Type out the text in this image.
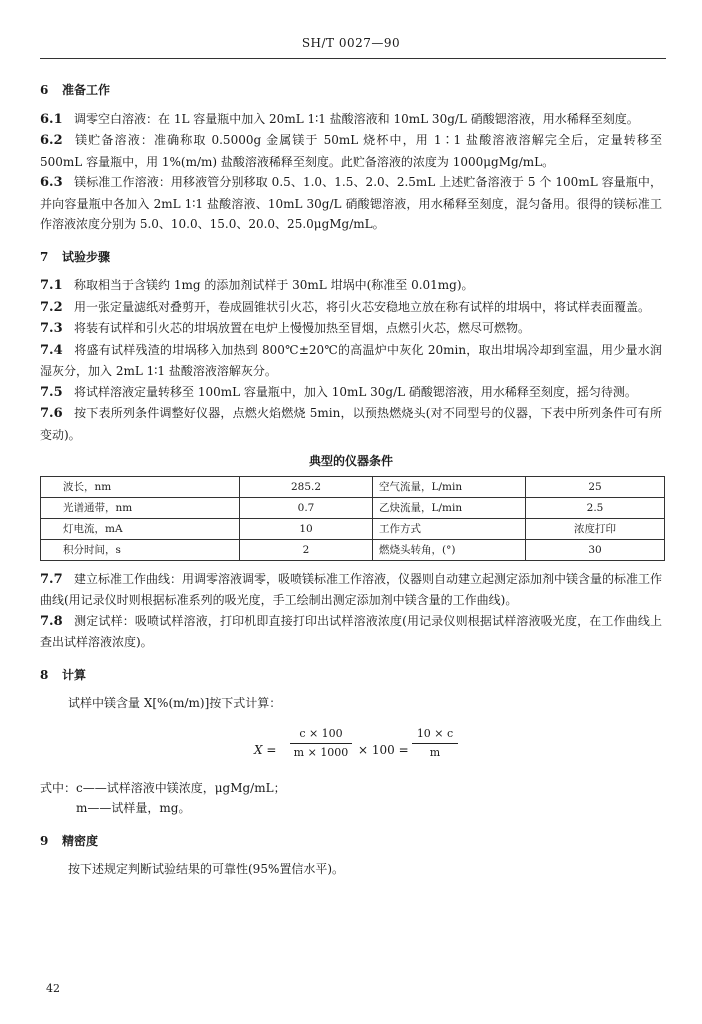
SH/T 0027—90
6 准备工作

6.1 调零空白溶液：在 1L 容量瓶中加入 20mL 1∶1 盐酸溶液和 10mL 30g/L 硝酸锶溶液，用水稀释至刻度。

6.2 镁贮备溶液：准确称取 0.5000g 金属镁于 50mL 烧杯中，用 1∶1 盐酸溶液溶解完全后，定量转移至 500mL 容量瓶中，用 1%(m/m) 盐酸溶液稀释至刻度。此贮备溶液的浓度为 1000μgMg/mL。

6.3 镁标准工作溶液：用移液管分别移取 0.5、1.0、1.5、2.0、2.5mL 上述贮备溶液于 5 个 100mL 容量瓶中，并向容量瓶中各加入 2mL 1∶1 盐酸溶液、10mL 30g/L 硝酸锶溶液，用水稀释至刻度，混匀备用。很得的镁标准工作溶液浓度分别为 5.0、10.0、15.0、20.0、25.0μgMg/mL。

7 试验步骤

7.1 称取相当于含镁约 1mg 的添加剂试样于 30mL 坩埚中(称准至 0.01mg)。

7.2 用一张定量滤纸对叠剪开，卷成圆锥状引火芯，将引火芯安稳地立放在称有试样的坩埚中，将试样表面覆盖。

7.3 将装有试样和引火芯的坩埚放置在电炉上慢慢加热至冒烟，点燃引火芯，燃尽可燃物。

7.4 将盛有试样残渣的坩埚移入加热到 800℃±20℃的高温炉中灰化 20min，取出坩埚冷却到室温，用少量水润湿灰分，加入 2mL 1∶1 盐酸溶液溶解灰分。

7.5 将试样溶液定量转移至 100mL 容量瓶中，加入 10mL 30g/L 硝酸锶溶液，用水稀释至刻度，摇匀待测。

7.6 按下表所列条件调整好仪器，点燃火焰燃烧 5min，以预热燃烧头(对不同型号的仪器，下表中所列条件可有所变动)。

典型的仪器条件
波长，nm	285.2	空气流量，L/min	25
光谱通带，nm	0.7	乙炔流量，L/min	2.5
灯电流，mA	10	工作方式	浓度打印
积分时间，s	2	燃烧头转角，(°)	30

7.7 建立标准工作曲线：用调零溶液调零，吸喷镁标准工作溶液，仪器则自动建立起测定添加剂中镁含量的标准工作曲线(用记录仪时则根据标准系列的吸光度，手工绘制出测定添加剂中镁含量的工作曲线)。

7.8 测定试样：吸喷试样溶液，打印机即直接打印出试样溶液浓度(用记录仪则根据试样溶液吸光度，在工作曲线上查出试样溶液浓度)。

8 计算

试样中镁含量 X[%(m/m)]按下式计算：

X =
c × 100
m × 1000 × 100 =
10 × c
m

式中：c——试样溶液中镁浓度，μgMg/mL；

m——试样量，mg。

9 精密度

按下述规定判断试验结果的可靠性(95%置信水平)。

42
